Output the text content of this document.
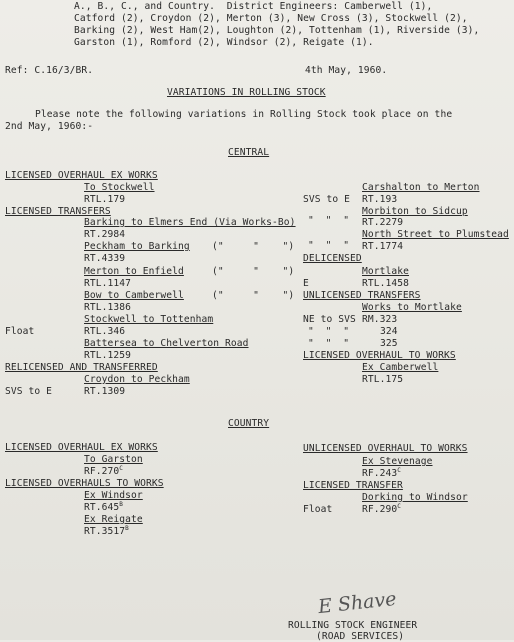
A., B., C., and Country.  District Engineers: Camberwell (1),
Catford (2), Croydon (2), Merton (3), New Cross (3), Stockwell (2),
Barking (2), West Ham(2), Loughton (2), Tottenham (1), Riverside (3),
Garston (1), Romford (2), Windsor (2), Reigate (1).
Ref: C.16/3/BR.	4th May, 1960.
VARIATIONS IN ROLLING STOCK
Please note the following variations in Rolling Stock took place on the
2nd May, 1960:-
CENTRAL
LICENSED OVERHAUL EX WORKS
To Stockwell
RTL.179
LICENSED TRANSFERS
Barking to Elmers End (Via Works-Bo)
RT.2984
Peckham to Barking ("     "    ")
RT.4339
Merton to Enfield	("     "    ")
RTL.1147
Bow to Camberwell	("     "    ")
RTL.1386
Stockwell to Tottenham
Float	RTL.346
Battersea to Chelverton Road
RTL.1259
RELICENSED AND TRANSFERRED
Croydon to Peckham
SVS to E	RT.1309
SVS to E
Carshalton to Merton
RT.193
"  "  "
Morbiton to Sidcup
RT.2279
"  "  "
North Street to Plumstead
RT.1774
DELICENSED
E
Mortlake
RTL.1458
UNLICENSED TRANSFERS
Works to Mortlake
NE to SVS RM.323
"  "  "	324
"  "  "	325
LICENSED OVERHAUL TO WORKS
Ex Camberwell
RTL.175
COUNTRY
LICENSED OVERHAUL EX WORKS
To Garston
$RF.270^C$
LICENSED OVERHAULS TO WORKS
Ex Windsor
$RT.645^B$
Ex Reigate
$RT.3517^B$
UNLICENSED OVERHAUL TO WORKS
Ex Stevenage
$RF.243^C$
LICENSED TRANSFER
Dorking to Windsor
Float	$RF.290^C$
E Shave
ROLLING STOCK ENGINEER
(ROAD SERVICES)
